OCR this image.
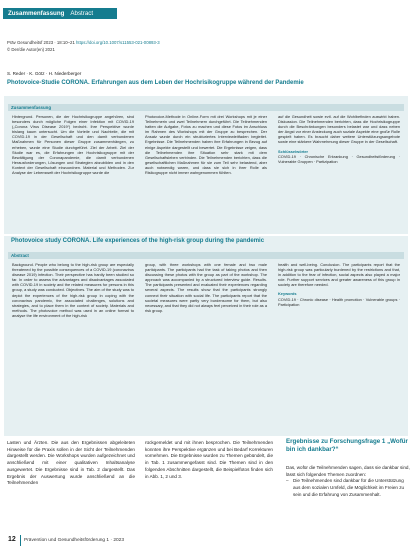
Zusammenfassung Abstract
Präv Gesundheitsf 2023 · 18:10–21 https://doi.org/10.1007/s11553-021-00893-3
© Der/die Autor(en) 2021
S. Reder · K. Götz · H. Niederberger
Photovoice-Studie CORONA. Erfahrungen aus dem Leben der Hochrisikogruppe während der Pandemie
Zusammenfassung
Hintergrund. Personen, die der Hochrisikogruppe angehören, sind besonders durch mögliche Folgen einer Infektion mit COVID-19 („Corona Virus Disease 2019“) bedroht. Ihre Perspektive wurde bislang kaum untersucht. Um die Vorteile und Nachteile, die mit COVID-19 in der Gesellschaft und den damit verbundenen Maßnahmen für Personen dieser Gruppe zusammenhängen, zu erheben, wurde eine Studie durchgeführt. Ziel der Arbeit. Ziel der Studie war es, die Erfahrungen der Hochrisikogruppe mit der Bewältigung der Coronapandemie, die damit verbundenen Herausforderungen, Lösungen und Strategien abzubilden und in den Kontext der Gesellschaft einzuordnen. Material und Methoden. Zur Analyse der Lebenswelt der Hochrisikogruppe wurde die
Photovoice-Methode in Online-Form mit drei Workshops mit je einer Teilnehmerin und zwei Teilnehmern durchgeführt. Die Teilnehmenden hatten die Aufgabe, Fotos zu machen und diese Fotos im Anschluss im Rahmen des Workshops mit der Gruppe zu besprechen. Der Ansatz wurde durch ein strukturiertes Interviewleitfaden begleitet. Ergebnisse. Die Teilnehmenden haben ihre Erfahrungen in Bezug auf einige Aspekte dargestellt und bewertet. Die Ergebnisse zeigen, dass die Teilnehmenden ihre Situation sehr stark mit dem Gesellschaftsleben verbinden. Die Teilnehmenden berichten, dass die gesellschaftlichen Maßnahmen für sie zum Teil sehr belastend, aber auch notwendig waren, und dass sie sich in ihrer Rolle als Risikogruppe nicht immer wahrgenommen fühlten.
auf die Gesundheit sowie evtl. auf die Wohlbefinden auswirkt haben. Diskussion. Die Teilnehmenden berichten, dass die Hochrisikogruppe durch die Beschränkungen besonders belastet war und dass neben der Angst vor einer Ansteckung auch soziale Aspekte eine große Rolle gespielt haben. Es braucht daher weitere Unterstützungsangebote sowie eine stärkere Wahrnehmung dieser Gruppe in der Gesellschaft.
Schlüsselwörter
COVID-19 · Chronische Erkrankung · Gesundheitsförderung · Vulnerable Gruppen · Partizipation
Photovoice study CORONA. Life experiences of the high-risk group during the pandemic
Abstract
Background. People who belong to the high-risk group are especially threatened by the possible consequences of a COVID-19 (coronavirus disease 2019) infection. Their perspective has hardly been studied so far. In order to assess the advantages and disadvantages associated with COVID-19 in society and the related measures for persons in this group, a study was conducted. Objectives. The aim of the study was to depict the experiences of the high-risk group in coping with the coronavirus pandemic, the associated challenges, solutions and strategies, and to place them in the context of society. Materials and methods. The photovoice method was used in an online format to analyse the life environment of the high-risk
group, with three workshops with one female and two male participants. The participants had the task of taking photos and then discussing these photos with the group as part of the workshop. The approach was accompanied by a structured interview guide. Results. The participants presented and evaluated their experiences regarding several aspects. The results show that the participants strongly connect their situation with social life. The participants report that the societal measures were partly very burdensome for them, but also necessary, and that they did not always feel perceived in their role as a risk group.
health and well-being. Conclusion. The participants report that the high-risk group was particularly burdened by the restrictions and that, in addition to the fear of infection, social aspects also played a major role. Further support services and greater awareness of this group in society are therefore needed.
Keywords
COVID-19 · Chronic disease · Health promotion · Vulnerable groups · Participation
Lasten und Ärzten. Die aus den Ergebnissen abgeleiteten Hinweise für die Praxis sollen in der Sicht der Teilnehmenden dargestellt werden. Die Workshops wurden aufgezeichnet und anschließend mit einer qualitativen Inhaltsanalyse ausgewertet. Die Ergebnisse sind in Tab. 2 dargestellt. Das Ergebnis der Auswertung wurde anschließend an die Teilnehmenden
rückgemeldet und mit ihnen besprochen. Die Teilnehmenden konnten ihre Perspektive ergänzen und bei Bedarf Korrekturen vornehmen. Die Ergebnisse wurden zu Themen gebündelt, die in Tab. 1 zusammengefasst sind. Die Themen sind in den folgenden Abschnitten dargestellt, die Beispielfotos finden sich in Abb. 1, 2 und 3.
Ergebnisse zu Forschungsfrage 1 „Wofür bin ich dankbar?“
Das, wofür die Teilnehmenden sagen, dass sie dankbar sind, lässt sich folgenden Themen zuordnen:
– Die Teilnehmenden sind dankbar für die Unterstützung aus dem sozialen Umfeld, die Möglichkeit im Freien zu sein und die Erfahrung von Zusammenhalt.
12 Prävention und Gesundheitsförderung 1 · 2023
